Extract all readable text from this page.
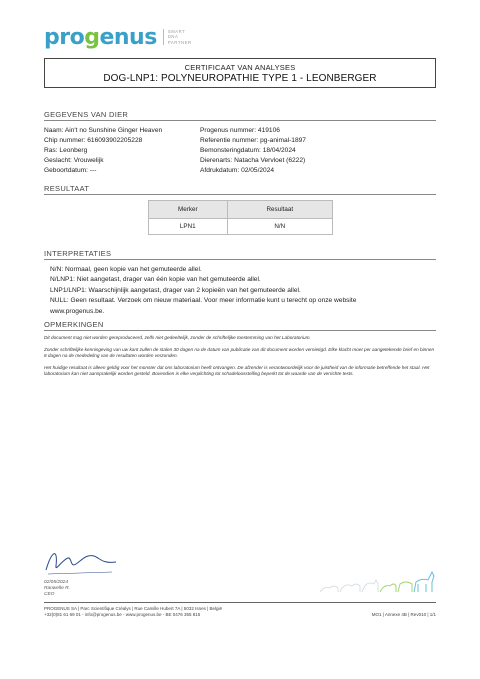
progenus	SMART
DNA
PARTNER
CERTIFICAAT VAN ANALYSES
DOG-LNP1: POLYNEUROPATHIE TYPE 1 - LEONBERGER
GEGEVENS VAN DIER
Naam: Ain't no Sunshine Ginger Heaven
Chip nummer: 616093902205228
Ras: Leonberg
Geslacht: Vrouwelijk
Geboortdatum: ---
Progenus nummer: 419106
Referentie nummer: pg-animal-1897
Bemonsteringdatum: 18/04/2024
Dierenarts: Natacha Vervloet (6222)
Afdrukdatum: 02/05/2024
RESULTAAT
Merker	Resultaat
LPN1	N/N
INTERPRETATIES
N/N: Normaal, geen kopie van het gemuteerde allel.
N/LNP1: Niet aangetast, drager van één kopie van het gemuteerde allel.
LNP1/LNP1: Waarschijnlijk aangetast, drager van 2 kopieën van het gemuteerde allel.
NULL: Geen resultaat. Verzoek om nieuw materiaal. Voor meer informatie kunt u terecht op onze website
www.progenus.be.
OPMERKINGEN

Dit document mag niet worden gereproduceerd, zelfs niet gedeeltelijk, zonder de schriftelijke toestemming van het Laboratorium.

Zonder schriftelijke kennisgeving van uw kant zullen de stalen 30 dagen na de datum van publicatie van dit document worden vernietigd. Elke klacht moet per aangetekende brief en binnen 8 dagen na de mededeling van de resultaten worden verzonden.

Het huidige resultaat is alleen geldig voor het monster dat ons laboratorium heeft ontvangen. De afzender is verantwoordelijk voor de juistheid van de informatie betreffende het staal. Het laboratorium kan niet aansprakelijk worden gesteld. Bovendien is elke verplichting tot schadeloosstelling beperkt tot de waarde van de verrichte tests.

02/05/2024
Ranwelle R.
CEO
PROGENUS SA | Parc Scientifique Créalys | Rue Camille Hubert 7A | 5032 Isnes | België
+32(0)81 61 69 01 - info@progenus.be - www.progenus.be - BE 0476 355 815	MO1 | Annexe 4B | Rev010 | 1/1
